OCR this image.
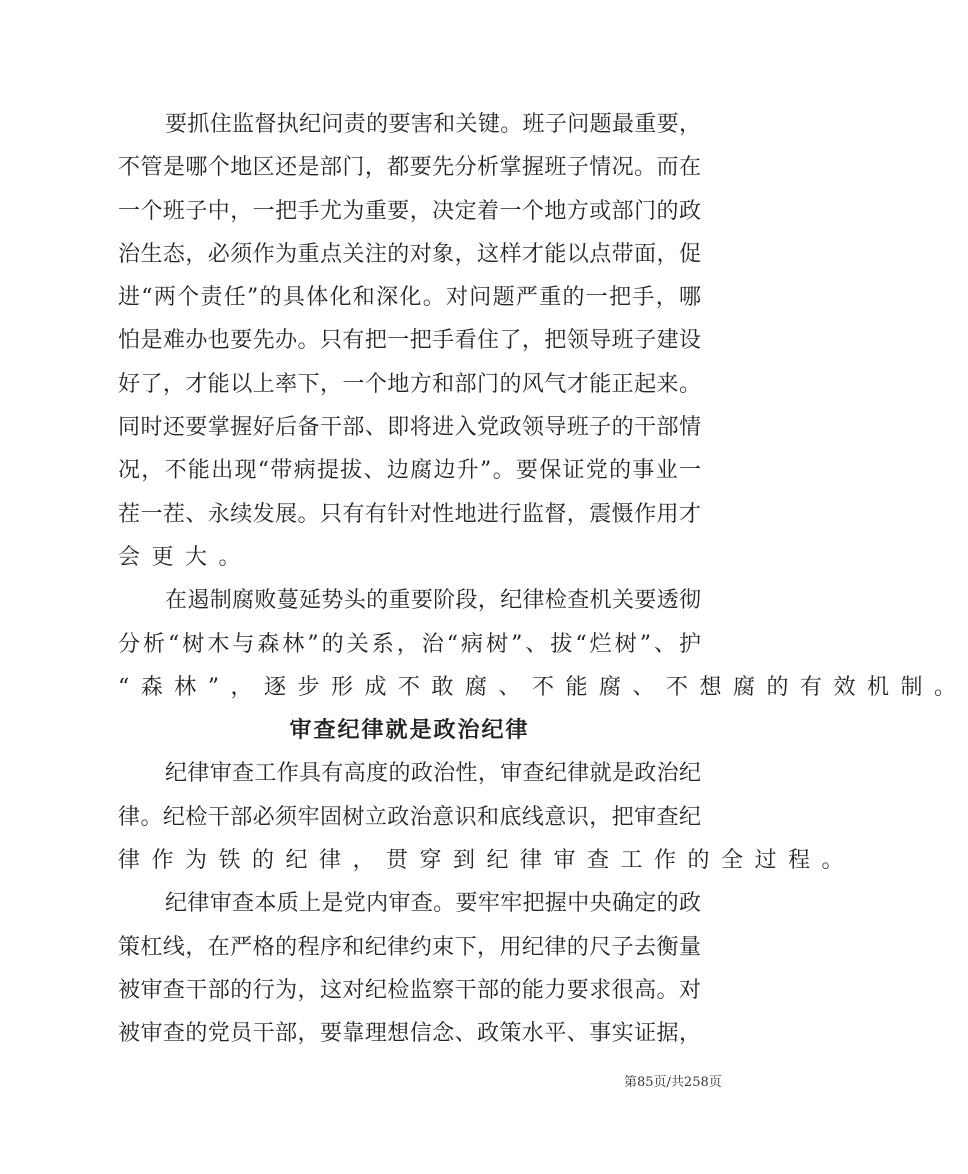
要抓住监督执纪问责的要害和关键。班子问题最重要，
不管是哪个地区还是部门，都要先分析掌握班子情况。而在
一个班子中，一把手尤为重要，决定着一个地方或部门的政
治生态，必须作为重点关注的对象，这样才能以点带面，促
进“两个责任”的具体化和深化。对问题严重的一把手，哪
怕是难办也要先办。只有把一把手看住了，把领导班子建设
好了，才能以上率下，一个地方和部门的风气才能正起来。
同时还要掌握好后备干部、即将进入党政领导班子的干部情
况，不能出现“带病提拔、边腐边升”。要保证党的事业一
茬一茬、永续发展。只有有针对性地进行监督，震慑作用才
会更大。
在遏制腐败蔓延势头的重要阶段，纪律检查机关要透彻
分析“树木与森林”的关系，治“病树”、拔“烂树”、护
“森林”，逐步形成不敢腐、不能腐、不想腐的有效机制。
审查纪律就是政治纪律
纪律审查工作具有高度的政治性，审查纪律就是政治纪
律。纪检干部必须牢固树立政治意识和底线意识，把审查纪
律作为铁的纪律，贯穿到纪律审查工作的全过程。
纪律审查本质上是党内审查。要牢牢把握中央确定的政
策杠线，在严格的程序和纪律约束下，用纪律的尺子去衡量
被审查干部的行为，这对纪检监察干部的能力要求很高。对
被审查的党员干部，要靠理想信念、政策水平、事实证据，
第85页/共258页
